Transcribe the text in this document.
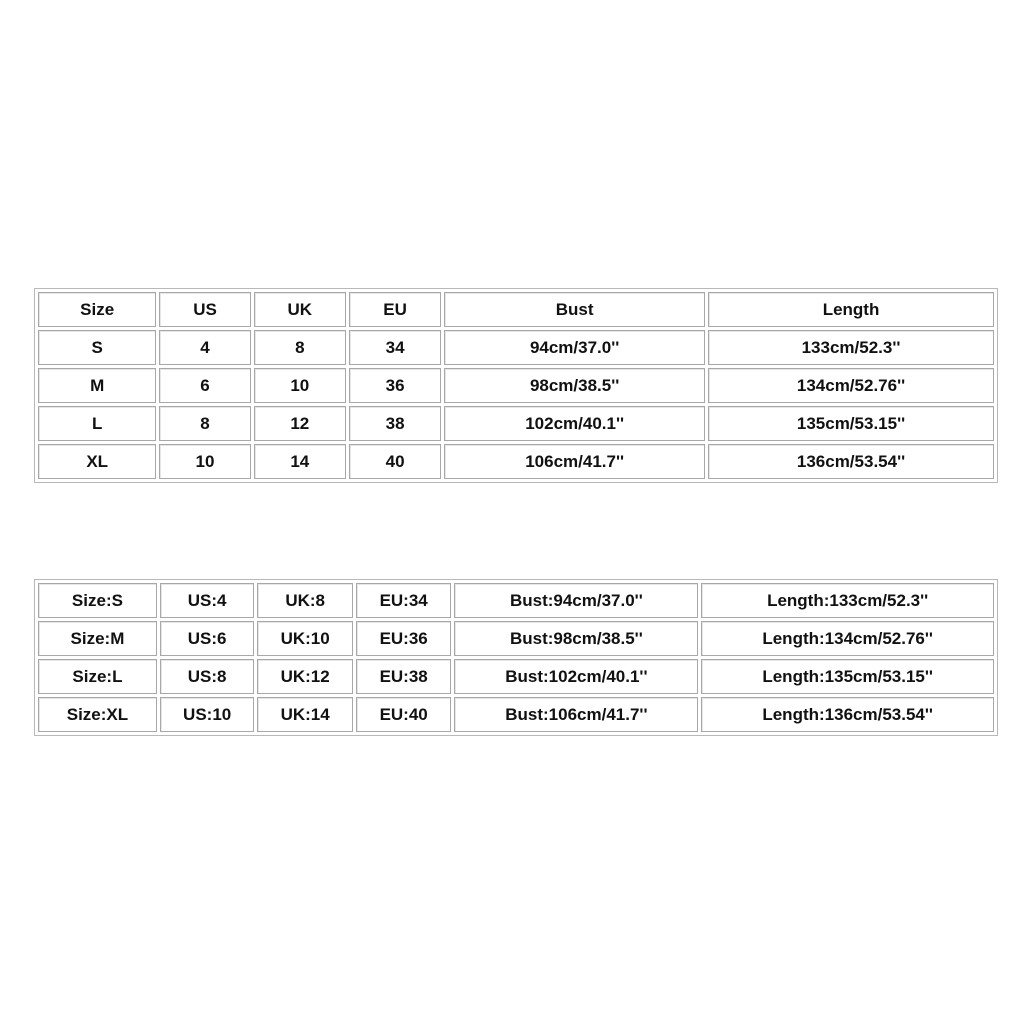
Size	US	UK	EU	Bust	Length
S	4	8	34	94cm/37.0''	133cm/52.3''
M	6	10	36	98cm/38.5''	134cm/52.76''
L	8	12	38	102cm/40.1''	135cm/53.15''
XL	10	14	40	106cm/41.7''	136cm/53.54''
Size:S	US:4	UK:8	EU:34	Bust:94cm/37.0''	Length:133cm/52.3''
Size:M	US:6	UK:10	EU:36	Bust:98cm/38.5''	Length:134cm/52.76''
Size:L	US:8	UK:12	EU:38	Bust:102cm/40.1''	Length:135cm/53.15''
Size:XL	US:10	UK:14	EU:40	Bust:106cm/41.7''	Length:136cm/53.54''
